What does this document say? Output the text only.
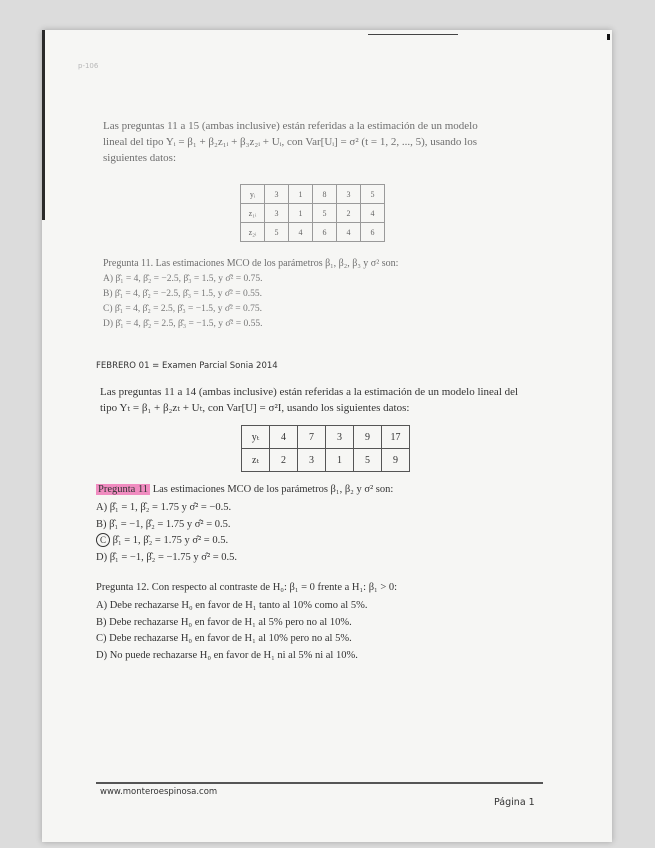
p-106
Las preguntas 11 a 15 (ambas inclusive) están referidas a la estimación de un modelo lineal del tipo Yᵢ = β₁ + β₂z₁ᵢ + β₃z₂ᵢ + Uᵢ, con Var[Uᵢ] = σ² (t = 1, 2, ..., 5), usando los siguientes datos:
yᵢ	3	1	8	3	5
z₁ᵢ	3	1	5	2	4
z₂ᵢ	5	4	6	4	6
Pregunta 11. Las estimaciones MCO de los parámetros β₁, β₂, β₃ y σ² son:
A) β̂₁ = 4, β̂₂ = −2.5, β̂₃ = 1.5, y σ̂² = 0.75.
B) β̂₁ = 4, β̂₂ = −2.5, β̂₃ = 1.5, y σ̂² = 0.55.
C) β̂₁ = 4, β̂₂ = 2.5, β̂₃ = −1.5, y σ̂² = 0.75.
D) β̂₁ = 4, β̂₂ = 2.5, β̂₃ = −1.5, y σ̂² = 0.55.
FEBRERO 01 = Examen Parcial Sonia 2014
Las preguntas 11 a 14 (ambas inclusive) están referidas a la estimación de un modelo lineal del tipo Yₜ = β₁ + β₂zₜ + Uₜ, con Var[U] = σ²I, usando los siguientes datos:
yₜ	4	7	3	9	17
zₜ	2	3	1	5	9
Pregunta 11 Las estimaciones MCO de los parámetros β₁, β₂ y σ² son:
A) β̂₁ = 1, β̂₂ = 1.75 y σ̂² = −0.5.
B) β̂₁ = −1, β̂₂ = 1.75 y σ̂² = 0.5.
C β̂₁ = 1, β̂₂ = 1.75 y σ̂² = 0.5.
D) β̂₁ = −1, β̂₂ = −1.75 y σ̂² = 0.5.
Pregunta 12. Con respecto al contraste de H₀: β₁ = 0 frente a H₁: β₁ > 0:
A) Debe rechazarse H₀ en favor de H₁ tanto al 10% como al 5%.
B) Debe rechazarse H₀ en favor de H₁ al 5% pero no al 10%.
C) Debe rechazarse H₀ en favor de H₁ al 10% pero no al 5%.
D) No puede rechazarse H₀ en favor de H₁ ni al 5% ni al 10%.
www.monteroespinosa.com
Página 1
